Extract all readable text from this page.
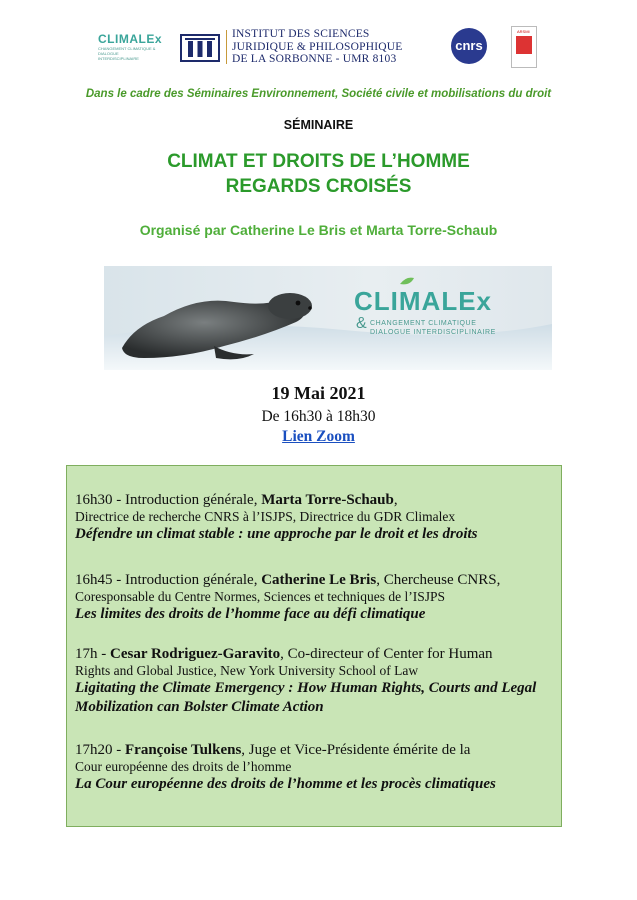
CLIMALEx
CHANGEMENT CLIMATIQUE & DIALOGUE INTERDISCIPLINAIRE
INSTITUT DES SCIENCES
JURIDIQUE & PHILOSOPHIQUE
DE LA SORBONNE - UMR 8103
cnrs
ARSMI
Dans le cadre des Séminaires Environnement, Société civile et mobilisations du droit
SÉMINAIRE
CLIMAT ET DROITS DE L’HOMME
REGARDS CROISÉS
Organisé par Catherine Le Bris et Marta Torre-Schaub
CLIMALEx
& CHANGEMENT CLIMATIQUE
DIALOGUE INTERDISCIPLINAIRE
19 Mai 2021
De 16h30 à 18h30
Lien Zoom
16h30 - Introduction générale, Marta Torre-Schaub,
Directrice de recherche CNRS à l’ISJPS, Directrice du GDR Climalex
Défendre un climat stable : une approche par le droit et les droits
16h45 - Introduction générale, Catherine Le Bris, Chercheuse CNRS,
Coresponsable du Centre Normes, Sciences et techniques de l’ISJPS
Les limites des droits de l’homme face au défi climatique
17h - Cesar Rodriguez-Garavito, Co-directeur of Center for Human
Rights and Global Justice, New York University School of Law
Ligitating the Climate Emergency : How Human Rights, Courts and Legal Mobilization can Bolster Climate Action
17h20 - Françoise Tulkens, Juge et Vice-Présidente émérite de la
Cour européenne des droits de l’homme
La Cour européenne des droits de l’homme et les procès climatiques
